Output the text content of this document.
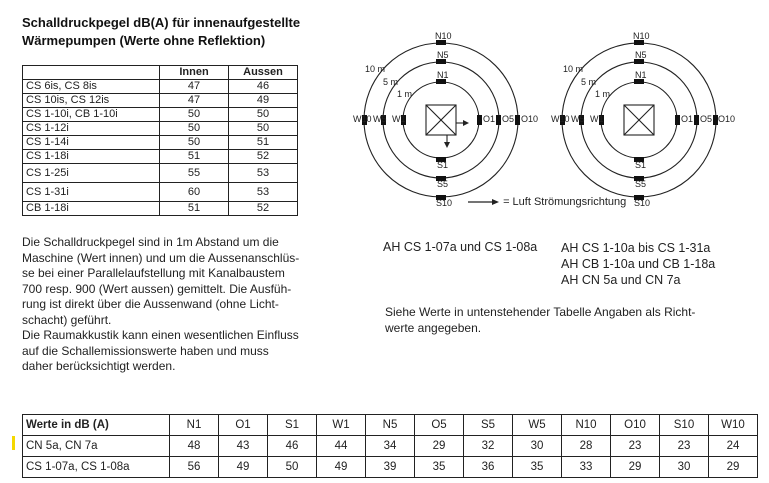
Schalldruckpegel dB(A) für innenaufgestellte
Wärmepumpen (Werte ohne Reflektion)
	Innen	Aussen
CS 6is, CS 8is	47	46
CS 10is, CS 12is	47	49
CS 1-10i, CB 1-10i	50	50
CS 1-12i	50	50
CS 1-14i	50	51
CS 1-18i	51	52
CS 1-25i	55	53
CS 1-31i	60	53
CB 1-18i	51	52

Die Schalldruckpegel sind in 1m Abstand um die

Maschine (Wert innen) und um die Aussenanschlüs-

se bei einer Parallelaufstellung mit Kanalbaustem

700 resp. 900 (Wert aussen) gemittelt. Die Ausfüh-

rung ist direkt über die Aussenwand (ohne Licht-

schacht) geführt.

Die Raumakkustik kann einen wesentlichen Einfluss

auf die Schallemissionswerte haben und muss

daher berücksichtigt werden.

10 m
5 m
1 m
N10
N5
N1
S1
S5
S10
W10 W5 W1	O1 O5 O10
10 m
5 m
1 m
N10
N5
N1
S1
S5
S10
W10 W5 W1	O1 O5 O10
= Luft Strömungsrichtung
AH CS 1-07a und CS 1-08a AH CS 1-10a bis CS 1-31a
AH CB 1-10a und CB 1-18a
AH CN 5a und CN 7a
Siehe Werte in untenstehender Tabelle Angaben als Richt-
werte angegeben.
Werte in dB (A)	N1	O1	S1	W1	N5	O5	S5	W5	N10	O10	S10	W10
CN 5a, CN 7a	48	43	46	44	34	29	32	30	28	23	23	24
CS 1-07a, CS 1-08a	56	49	50	49	39	35	36	35	33	29	30	29
